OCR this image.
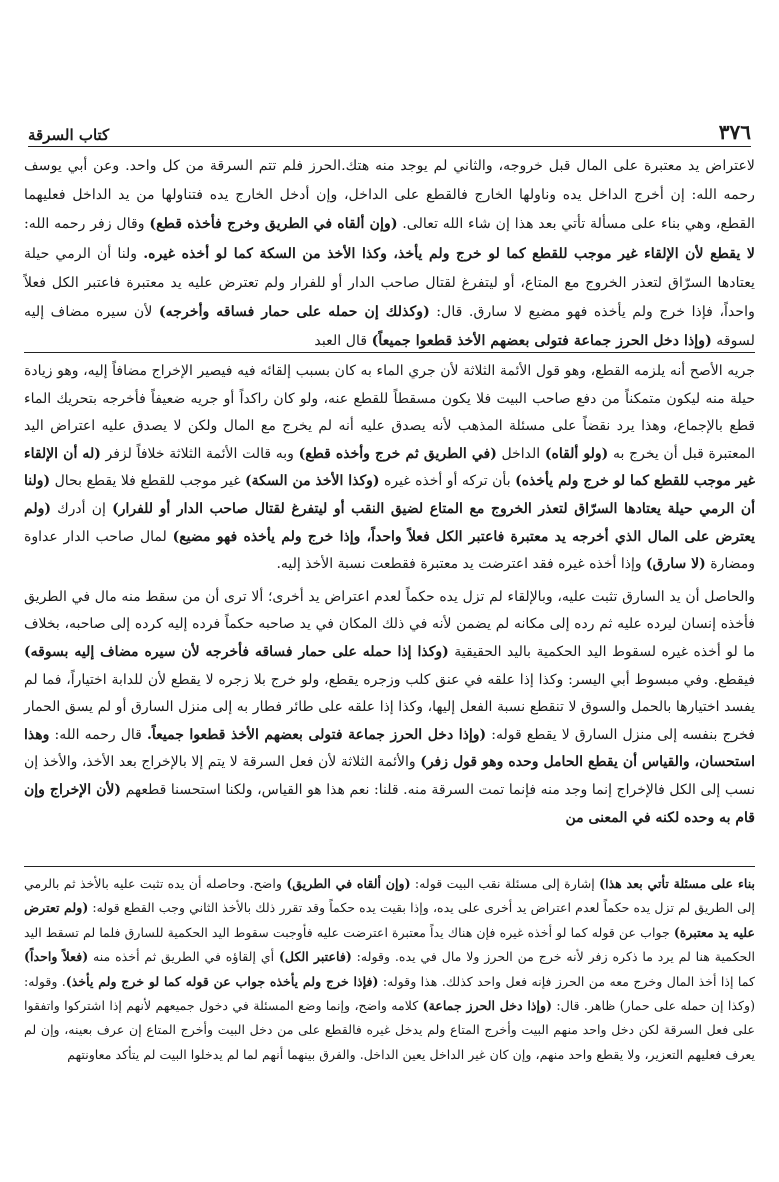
كتاب السرقة	٣٧٦

لاعتراض يد معتبرة على المال قبل خروجه، والثاني لم يوجد منه هتك.الحرز فلم تتم السرقة من كل واحد. وعن أبي يوسف رحمه الله: إن أخرج الداخل يده وناولها الخارج فالقطع على الداخل، وإن أدخل الخارج يده فتناولها من يد الداخل فعليهما القطع، وهي بناء على مسألة تأتي بعد هذا إن شاء الله تعالى. (وإن ألقاه في الطريق وخرج فأخذه قطع) وقال زفر رحمه الله: لا يقطع لأن الإلقاء غير موجب للقطع كما لو خرج ولم يأخذ، وكذا الأخذ من السكة كما لو أخذه غيره. ولنا أن الرمي حيلة يعتادها السرّاق لتعذر الخروج مع المتاع، أو ليتفرغ لقتال صاحب الدار أو للفرار ولم تعترض عليه يد معتبرة فاعتبر الكل فعلاً واحداً، فإذا خرج ولم يأخذه فهو مضيع لا سارق. قال: (وكذلك إن حمله على حمار فساقه وأخرجه) لأن سيره مضاف إليه لسوقه (وإذا دخل الحرز جماعة فتولى بعضهم الأخذ قطعوا جميعاً) قال العبد

جريه الأصح أنه يلزمه القطع، وهو قول الأئمة الثلاثة لأن جري الماء به كان بسبب إلقائه فيه فيصير الإخراج مضافاً إليه، وهو زيادة حيلة منه ليكون متمكناً من دفع صاحب البيت فلا يكون مسقطاً للقطع عنه، ولو كان راكداً أو جريه ضعيفاً فأخرجه بتحريك الماء قطع بالإجماع، وهذا يرد نقضاً على مسئلة المذهب لأنه يصدق عليه أنه لم يخرج مع المال ولكن لا يصدق عليه اعتراض اليد المعتبرة قبل أن يخرج به (ولو ألقاه) الداخل (في الطريق ثم خرج وأخذه قطع) وبه قالت الأئمة الثلاثة خلافاً لزفر (له أن الإلقاء غير موجب للقطع كما لو خرج ولم يأخذه) بأن تركه أو أخذه غيره (وكذا الأخذ من السكة) غير موجب للقطع فلا يقطع بحال (ولنا أن الرمي حيلة يعتادها السرّاق لتعذر الخروج مع المتاع لضيق النقب أو ليتفرغ لقتال صاحب الدار أو للفرار) إن أدرك (ولم يعترض على المال الذي أخرجه يد معتبرة فاعتبر الكل فعلاً واحداً، وإذا خرج ولم يأخذه فهو مضيع) لمال صاحب الدار عداوة ومضارة (لا سارق) وإذا أخذه غيره فقد اعترضت يد معتبرة فقطعت نسبة الأخذ إليه.

والحاصل أن يد السارق تثبت عليه، وبالإلقاء لم تزل يده حكماً لعدم اعتراض يد أخرى؛ ألا ترى أن من سقط منه مال في الطريق فأخذه إنسان ليرده عليه ثم رده إلى مكانه لم يضمن لأنه في ذلك المكان في يد صاحبه حكماً فرده إليه كرده إلى صاحبه، بخلاف ما لو أخذه غيره لسقوط اليد الحكمية باليد الحقيقية (وكذا إذا حمله على حمار فساقه فأخرجه لأن سيره مضاف إليه بسوقه) فيقطع. وفي مبسوط أبي اليسر: وكذا إذا علقه في عنق كلب وزجره يقطع، ولو خرج بلا زجره لا يقطع لأن للدابة اختياراً، فما لم يفسد اختيارها بالحمل والسوق لا تنقطع نسبة الفعل إليها، وكذا إذا علقه على طائر فطار به إلى منزل السارق أو لم يسق الحمار فخرج بنفسه إلى منزل السارق لا يقطع قوله: (وإذا دخل الحرز جماعة فتولى بعضهم الأخذ قطعوا جميعاً. قال رحمه الله: وهذا استحسان، والقياس أن يقطع الحامل وحده وهو قول زفر) والأئمة الثلاثة لأن فعل السرقة لا يتم إلا بالإخراج بعد الأخذ، والأخذ إن نسب إلى الكل فالإخراج إنما وجد منه فإنما تمت السرقة منه. قلنا: نعم هذا هو القياس، ولكنا استحسنا قطعهم (لأن الإخراج وإن قام به وحده لكنه في المعنى من

بناء على مسئلة تأتي بعد هذا) إشارة إلى مسئلة نقب البيت قوله: (وإن ألقاه في الطريق) واضح. وحاصله أن يده تثبت عليه بالأخذ ثم بالرمي إلى الطريق لم تزل يده حكماً لعدم اعتراض يد أخرى على يده، وإذا بقيت يده حكماً وقد تقرر ذلك بالأخذ الثاني وجب القطع قوله: (ولم تعترض عليه يد معتبرة) جواب عن قوله كما لو أخذه غيره فإن هناك يداً معتبرة اعترضت عليه فأوجبت سقوط اليد الحكمية للسارق فلما لم تسقط اليد الحكمية هنا لم يرد ما ذكره زفر لأنه خرج من الحرز ولا مال في يده. وقوله: (فاعتبر الكل) أي إلقاؤه في الطريق ثم أخذه منه (فعلاً واحداً) كما إذا أخذ المال وخرج معه من الحرز فإنه فعل واحد كذلك. هذا وقوله: (فإذا خرج ولم يأخذه جواب عن قوله كما لو خرج ولم يأخذ). وقوله: (وكذا إن حمله على حمار) ظاهر. قال: (وإذا دخل الحرز جماعة) كلامه واضح، وإنما وضع المسئلة في دخول جميعهم لأنهم إذا اشتركوا واتفقوا على فعل السرقة لكن دخل واحد منهم البيت وأخرج المتاع ولم يدخل غيره فالقطع على من دخل البيت وأخرج المتاع إن عرف بعينه، وإن لم يعرف فعليهم التعزير، ولا يقطع واحد منهم، وإن كان غير الداخل يعين الداخل. والفرق بينهما أنهم لما لم يدخلوا البيت لم يتأكد معاونتهم
